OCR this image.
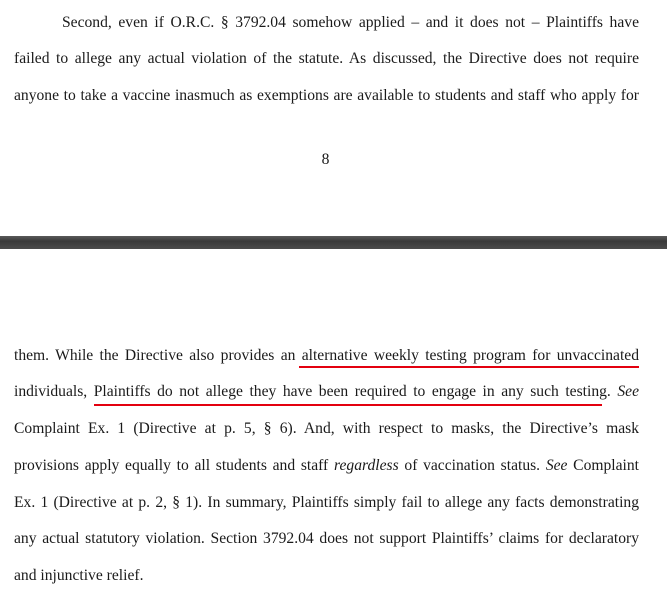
Second, even if O.R.C. § 3792.04 somehow applied – and it does not – Plaintiffs have
failed to allege any actual violation of the statute. As discussed, the Directive does not require
anyone to take a vaccine inasmuch as exemptions are available to students and staff who apply for
8
them. While the Directive also provides an alternative weekly testing program for unvaccinated
individuals, Plaintiffs do not allege they have been required to engage in any such testing. See
Complaint Ex. 1 (Directive at p. 5, § 6). And, with respect to masks, the Directive’s mask
provisions apply equally to all students and staff regardless of vaccination status. See Complaint
Ex. 1 (Directive at p. 2, § 1). In summary, Plaintiffs simply fail to allege any facts demonstrating
any actual statutory violation. Section 3792.04 does not support Plaintiffs’ claims for declaratory
and injunctive relief.
